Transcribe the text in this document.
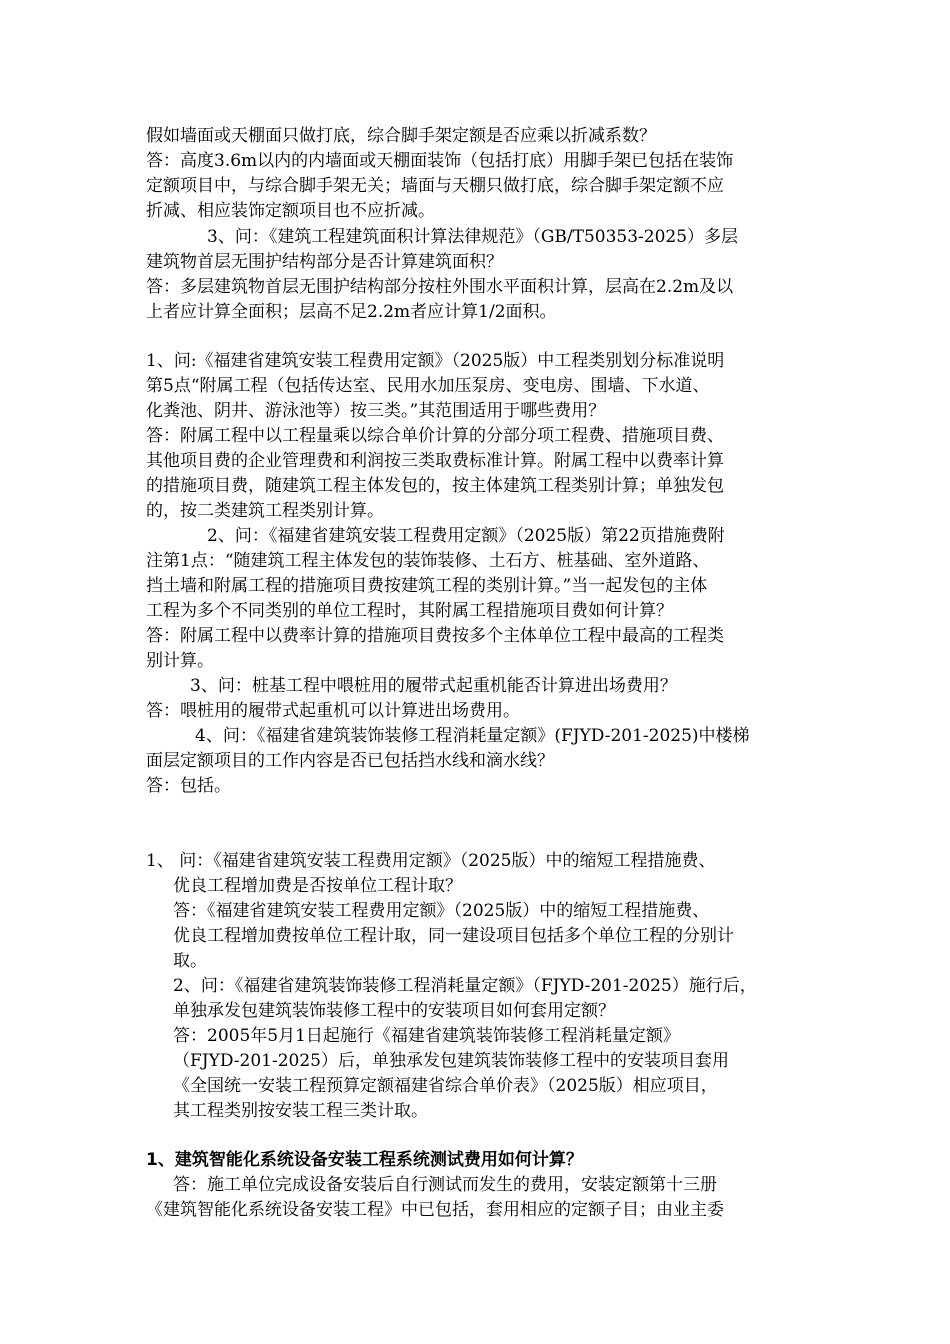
假如墙面或天棚面只做打底，综合脚手架定额是否应乘以折减系数？
答：高度3.6m以内的内墙面或天棚面装饰（包括打底）用脚手架已包括在装饰
定额项目中，与综合脚手架无关；墙面与天棚只做打底，综合脚手架定额不应
折减、相应装饰定额项目也不应折减。
3、问：《建筑工程建筑面积计算法律规范》（GB/T50353-2025）多层
建筑物首层无围护结构部分是否计算建筑面积？
答：多层建筑物首层无围护结构部分按柱外围水平面积计算，层高在2.2m及以
上者应计算全面积；层高不足2.2m者应计算1/2面积。
1、问:《福建省建筑安装工程费用定额》（2025版）中工程类别划分标准说明
第5点“附属工程（包括传达室、民用水加压泵房、变电房、围墙、下水道、
化粪池、阴井、游泳池等）按三类。”其范围适用于哪些费用？
答：附属工程中以工程量乘以综合单价计算的分部分项工程费、措施项目费、
其他项目费的企业管理费和利润按三类取费标准计算。附属工程中以费率计算
的措施项目费，随建筑工程主体发包的，按主体建筑工程类别计算；单独发包
的，按二类建筑工程类别计算。
2、问：《福建省建筑安装工程费用定额》（2025版）第22页措施费附
注第1点：“随建筑工程主体发包的装饰装修、土石方、桩基础、室外道路、
挡土墙和附属工程的措施项目费按建筑工程的类别计算。”当一起发包的主体
工程为多个不同类别的单位工程时，其附属工程措施项目费如何计算？
答：附属工程中以费率计算的措施项目费按多个主体单位工程中最高的工程类
别计算。
3、问：桩基工程中喂桩用的履带式起重机能否计算进出场费用？
答：喂桩用的履带式起重机可以计算进出场费用。
4、问：《福建省建筑装饰装修工程消耗量定额》(FJYD-201-2025)中楼梯
面层定额项目的工作内容是否已包括挡水线和滴水线？
答：包括。
1、 问：《福建省建筑安装工程费用定额》（2025版）中的缩短工程措施费、
优良工程增加费是否按单位工程计取？
答：《福建省建筑安装工程费用定额》（2025版）中的缩短工程措施费、
优良工程增加费按单位工程计取，同一建设项目包括多个单位工程的分别计
取。
2、问：《福建省建筑装饰装修工程消耗量定额》（FJYD-201-2025）施行后，
单独承发包建筑装饰装修工程中的安装项目如何套用定额？
答：2005年5月1日起施行《福建省建筑装饰装修工程消耗量定额》
（FJYD-201-2025）后，单独承发包建筑装饰装修工程中的安装项目套用
《全国统一安装工程预算定额福建省综合单价表》（2025版）相应项目，
其工程类别按安装工程三类计取。
1、建筑智能化系统设备安装工程系统测试费用如何计算？
答：施工单位完成设备安装后自行测试而发生的费用，安装定额第十三册
《建筑智能化系统设备安装工程》中已包括，套用相应的定额子目；由业主委
